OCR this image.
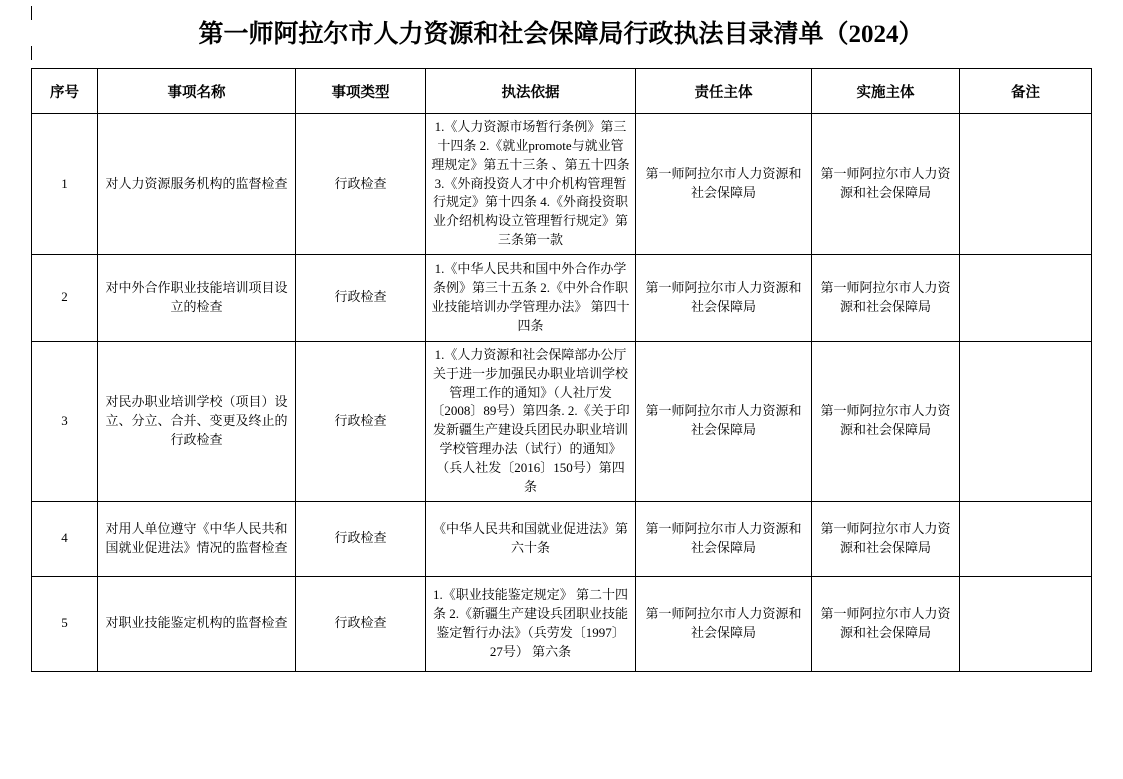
第一师阿拉尔市人力资源和社会保障局行政执法目录清单（2024）
序号	事项名称	事项类型	执法依据	责任主体	实施主体	备注
1	对人力资源服务机构的监督检查	行政检查	1.《人力资源市场暂行条例》第三十四条 2.《就业promote与就业管理规定》第五十三条 、第五十四条 3.《外商投资人才中介机构管理暂行规定》第十四条 4.《外商投资职业介绍机构设立管理暂行规定》第三条第一款	第一师阿拉尔市人力资源和社会保障局	第一师阿拉尔市人力资源和社会保障局	
2	对中外合作职业技能培训项目设立的检查	行政检查	1.《中华人民共和国中外合作办学条例》第三十五条 2.《中外合作职业技能培训办学管理办法》 第四十四条	第一师阿拉尔市人力资源和社会保障局	第一师阿拉尔市人力资源和社会保障局	
3	对民办职业培训学校（项目）设立、分立、合并、变更及终止的行政检查	行政检查	1.《人力资源和社会保障部办公厅关于进一步加强民办职业培训学校管理工作的通知》（人社厅发〔2008〕89号）第四条. 2.《关于印发新疆生产建设兵团民办职业培训学校管理办法（试行）的通知》（兵人社发〔2016〕150号）第四条	第一师阿拉尔市人力资源和社会保障局	第一师阿拉尔市人力资源和社会保障局	
4	对用人单位遵守《中华人民共和国就业促进法》情况的监督检查	行政检查	《中华人民共和国就业促进法》第六十条	第一师阿拉尔市人力资源和社会保障局	第一师阿拉尔市人力资源和社会保障局	
5	对职业技能鉴定机构的监督检查	行政检查	1.《职业技能鉴定规定》 第二十四条 2.《新疆生产建设兵团职业技能鉴定暂行办法》（兵劳发〔1997〕27号） 第六条	第一师阿拉尔市人力资源和社会保障局	第一师阿拉尔市人力资源和社会保障局	
